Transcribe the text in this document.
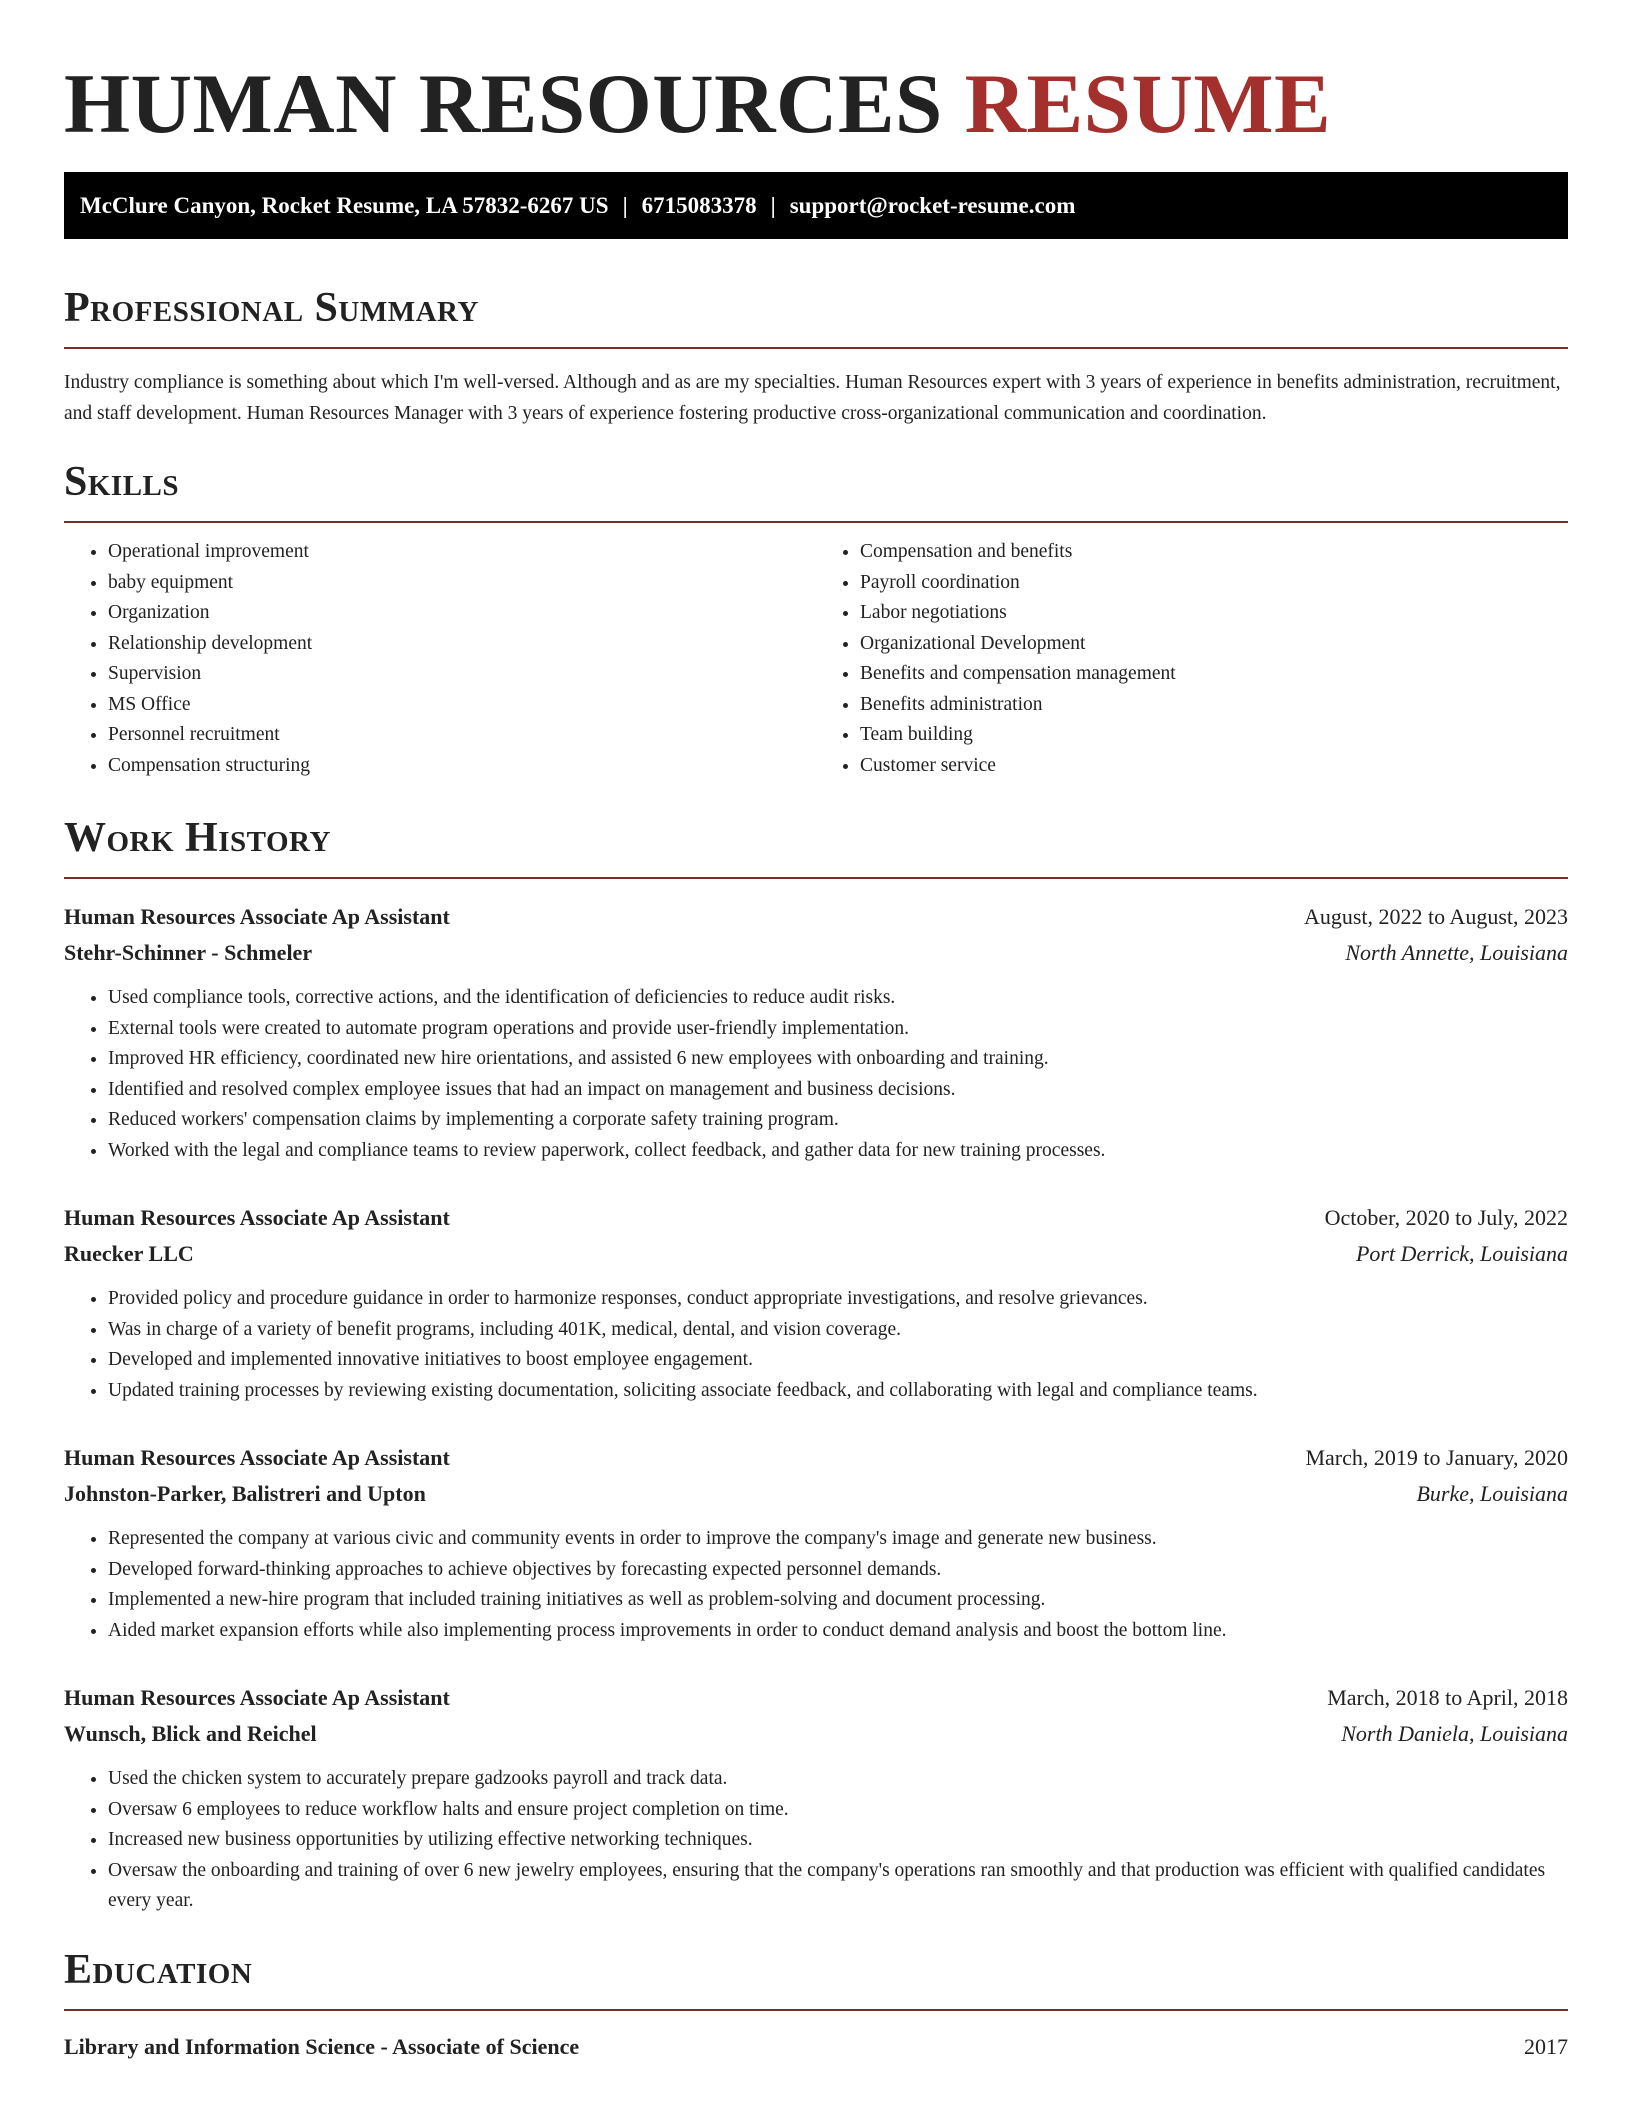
HUMAN RESOURCES RESUME
McClure Canyon, Rocket Resume, LA 57832-6267 US | 6715083378 | support@rocket-resume.com
Professional Summary

Industry compliance is something about which I'm well-versed. Although and as are my specialties. Human Resources expert with 3 years of experience in benefits administration, recruitment, and staff development. Human Resources Manager with 3 years of experience fostering productive cross-organizational communication and coordination.

Skills
• Operational improvement
• baby equipment
• Organization
• Relationship development
• Supervision
• MS Office
• Personnel recruitment
• Compensation structuring
• Compensation and benefits
• Payroll coordination
• Labor negotiations
• Organizational Development
• Benefits and compensation management
• Benefits administration
• Team building
• Customer service
Work History
Human Resources Associate Ap Assistant	August, 2022 to August, 2023
Stehr-Schinner - Schmeler	North Annette, Louisiana
• Used compliance tools, corrective actions, and the identification of deficiencies to reduce audit risks.
• External tools were created to automate program operations and provide user-friendly implementation.
• Improved HR efficiency, coordinated new hire orientations, and assisted 6 new employees with onboarding and training.
• Identified and resolved complex employee issues that had an impact on management and business decisions.
• Reduced workers' compensation claims by implementing a corporate safety training program.
• Worked with the legal and compliance teams to review paperwork, collect feedback, and gather data for new training processes.
Human Resources Associate Ap Assistant	October, 2020 to July, 2022
Ruecker LLC	Port Derrick, Louisiana
• Provided policy and procedure guidance in order to harmonize responses, conduct appropriate investigations, and resolve grievances.
• Was in charge of a variety of benefit programs, including 401K, medical, dental, and vision coverage.
• Developed and implemented innovative initiatives to boost employee engagement.
• Updated training processes by reviewing existing documentation, soliciting associate feedback, and collaborating with legal and compliance teams.
Human Resources Associate Ap Assistant	March, 2019 to January, 2020
Johnston-Parker, Balistreri and Upton	Burke, Louisiana
• Represented the company at various civic and community events in order to improve the company's image and generate new business.
• Developed forward-thinking approaches to achieve objectives by forecasting expected personnel demands.
• Implemented a new-hire program that included training initiatives as well as problem-solving and document processing.
• Aided market expansion efforts while also implementing process improvements in order to conduct demand analysis and boost the bottom line.
Human Resources Associate Ap Assistant	March, 2018 to April, 2018
Wunsch, Blick and Reichel	North Daniela, Louisiana
• Used the chicken system to accurately prepare gadzooks payroll and track data.
• Oversaw 6 employees to reduce workflow halts and ensure project completion on time.
• Increased new business opportunities by utilizing effective networking techniques.
• Oversaw the onboarding and training of over 6 new jewelry employees, ensuring that the company's operations ran smoothly and that production was efficient with qualified candidates every year.
Education
Library and Information Science - Associate of Science	2017
